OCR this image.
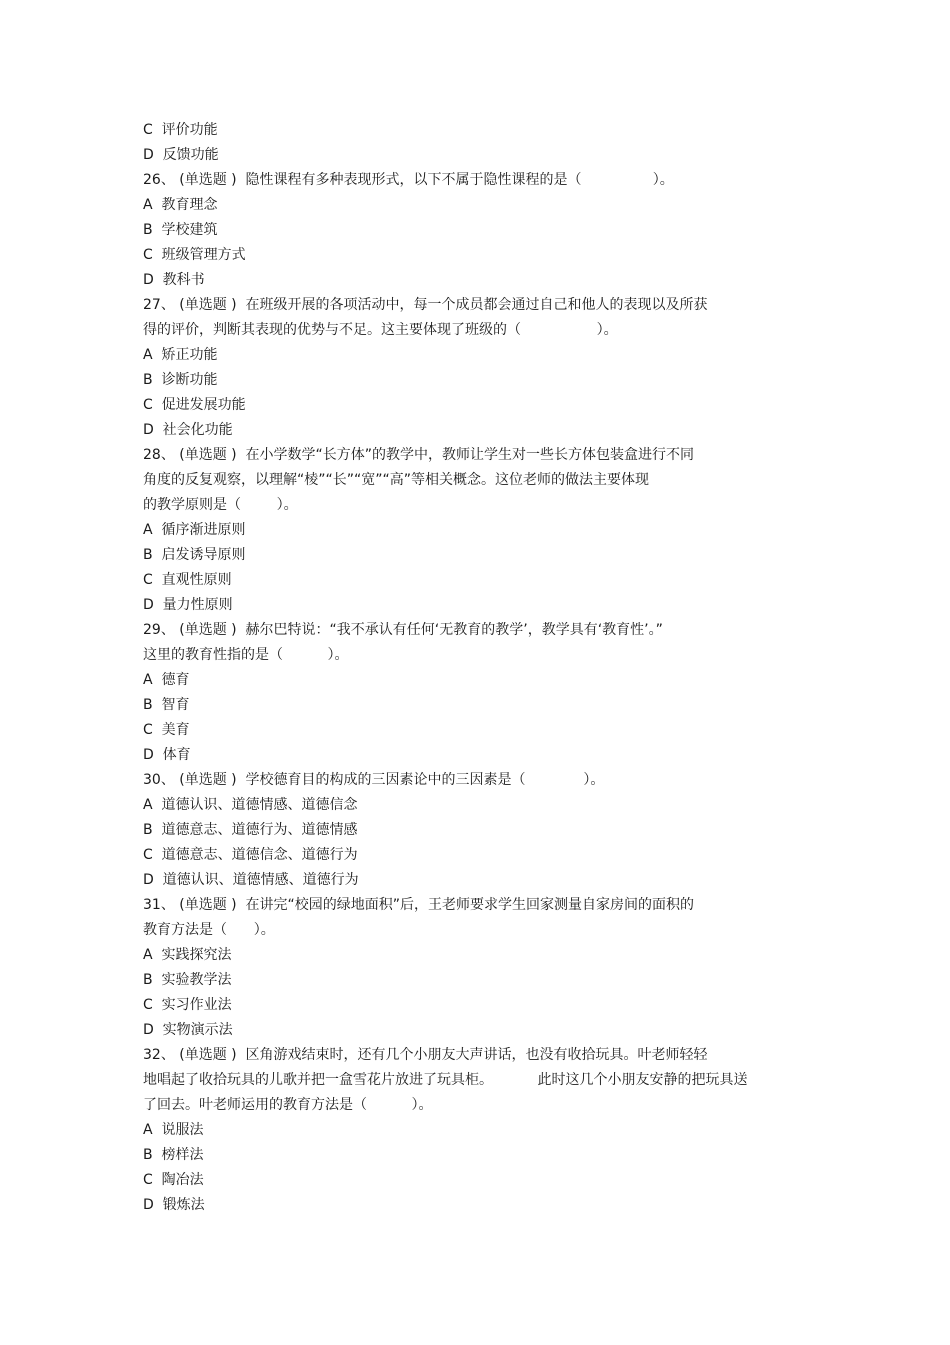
C  评价功能
D  反馈功能
26、 (单选题 )  隐性课程有多种表现形式，以下不属于隐性课程的是（                ）。
A  教育理念
B  学校建筑
C  班级管理方式
D  教科书
27、 (单选题 )  在班级开展的各项活动中，每一个成员都会通过自己和他人的表现以及所获
得的评价，判断其表现的优势与不足。这主要体现了班级的（                 ）。
A  矫正功能
B  诊断功能
C  促进发展功能
D  社会化功能
28、 (单选题 )  在小学数学“长方体”的教学中，教师让学生对一些长方体包装盒进行不同
角度的反复观察，以理解“棱”“长”“宽”“高”等相关概念。这位老师的做法主要体现
的教学原则是（        ）。
A  循序渐进原则
B  启发诱导原则
C  直观性原则
D  量力性原则
29、 (单选题 )  赫尔巴特说：“我不承认有任何‘无教育的教学’，教学具有‘教育性’。”
这里的教育性指的是（          ）。
A  德育
B  智育
C  美育
D  体育
30、 (单选题 )  学校德育目的构成的三因素论中的三因素是（             ）。
A  道德认识、道德情感、道德信念
B  道德意志、道德行为、道德情感
C  道德意志、道德信念、道德行为
D  道德认识、道德情感、道德行为
31、 (单选题 )  在讲完“校园的绿地面积”后，王老师要求学生回家测量自家房间的面积的
教育方法是（      ）。
A  实践探究法
B  实验教学法
C  实习作业法
D  实物演示法
32、 (单选题 )  区角游戏结束时，还有几个小朋友大声讲话，也没有收拾玩具。叶老师轻轻
地唱起了收拾玩具的儿歌并把一盒雪花片放进了玩具柜。          此时这几个小朋友安静的把玩具送
了回去。叶老师运用的教育方法是（          ）。
A  说服法
B  榜样法
C  陶冶法
D  锻炼法
